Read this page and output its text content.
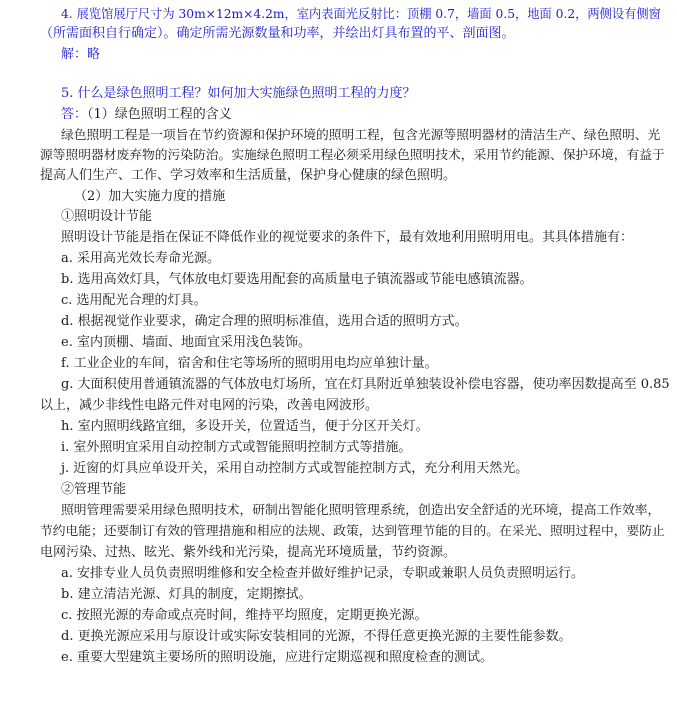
4. 展览馆展厅尺寸为 30m×12m×4.2m，室内表面光反射比：顶棚 0.7，墙面 0.5，地面 0.2，两侧设有侧窗
（所需面积自行确定）。确定所需光源数量和功率，并绘出灯具布置的平、剖面图。
解：略
5. 什么是绿色照明工程？如何加大实施绿色照明工程的力度？
答：（1）绿色照明工程的含义
绿色照明工程是一项旨在节约资源和保护环境的照明工程，包含光源等照明器材的清洁生产、绿色照明、光
源等照明器材废弃物的污染防治。实施绿色照明工程必须采用绿色照明技术，采用节约能源、保护环境，有益于
提高人们生产、工作、学习效率和生活质量，保护身心健康的绿色照明。
（2）加大实施力度的措施
①照明设计节能
照明设计节能是指在保证不降低作业的视觉要求的条件下，最有效地利用照明用电。其具体措施有：
a. 采用高光效长寿命光源。
b. 选用高效灯具，气体放电灯要选用配套的高质量电子镇流器或节能电感镇流器。
c. 选用配光合理的灯具。
d. 根据视觉作业要求，确定合理的照明标准值，选用合适的照明方式。
e. 室内顶棚、墙面、地面宜采用浅色装饰。
f. 工业企业的车间，宿舍和住宅等场所的照明用电均应单独计量。
g. 大面积使用普通镇流器的气体放电灯场所，宜在灯具附近单独装设补偿电容器，使功率因数提高至 0.85
以上，减少非线性电路元件对电网的污染，改善电网波形。
h. 室内照明线路宜细，多设开关，位置适当，便于分区开关灯。
i. 室外照明宜采用自动控制方式或智能照明控制方式等措施。
j. 近窗的灯具应单设开关，采用自动控制方式或智能控制方式，充分利用天然光。
②管理节能
照明管理需要采用绿色照明技术，研制出智能化照明管理系统，创造出安全舒适的光环境，提高工作效率，
节约电能；还要制订有效的管理措施和相应的法规、政策，达到管理节能的目的。在采光、照明过程中，要防止
电网污染、过热、眩光、紫外线和光污染，提高光环境质量，节约资源。
a. 安排专业人员负责照明维修和安全检查并做好维护记录，专职或兼职人员负责照明运行。
b. 建立清洁光源、灯具的制度，定期擦拭。
c. 按照光源的寿命或点亮时间，维持平均照度，定期更换光源。
d. 更换光源应采用与原设计或实际安装相同的光源，不得任意更换光源的主要性能参数。
e. 重要大型建筑主要场所的照明设施，应进行定期巡视和照度检查的测试。
